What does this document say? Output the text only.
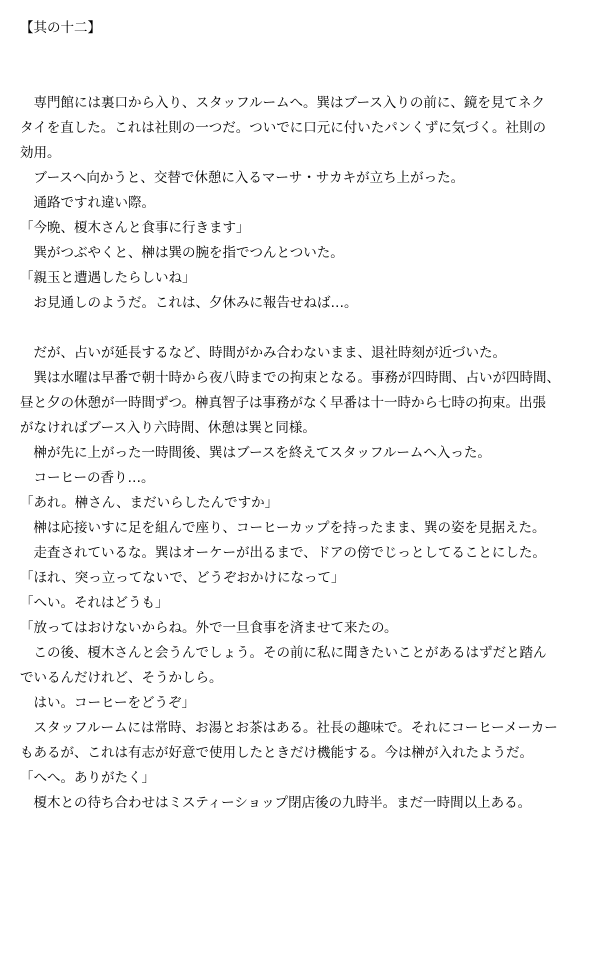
【其の十二】
　専門館には裏口から入り、スタッフルームへ。巽はブース入りの前に、鏡を見てネク
タイを直した。これは社則の一つだ。ついでに口元に付いたパンくずに気づく。社則の
効用。
　ブースへ向かうと、交替で休憩に入るマーサ・サカキが立ち上がった。
　通路ですれ違い際。
「今晩、榎木さんと食事に行きます」
　巽がつぶやくと、榊は巽の腕を指でつんとついた。
「親玉と遭遇したらしいね」
　お見通しのようだ。これは、夕休みに報告せねば…。
　だが、占いが延長するなど、時間がかみ合わないまま、退社時刻が近づいた。
　巽は水曜は早番で朝十時から夜八時までの拘束となる。事務が四時間、占いが四時間、
昼と夕の休憩が一時間ずつ。榊真智子は事務がなく早番は十一時から七時の拘束。出張
がなければブース入り六時間、休憩は巽と同様。
　榊が先に上がった一時間後、巽はブースを終えてスタッフルームへ入った。
　コーヒーの香り…。
「あれ。榊さん、まだいらしたんですか」
　榊は応接いすに足を組んで座り、コーヒーカップを持ったまま、巽の姿を見据えた。
　走査されているな。巽はオーケーが出るまで、ドアの傍でじっとしてることにした。
「ほれ、突っ立ってないで、どうぞおかけになって」
「へい。それはどうも」
「放ってはおけないからね。外で一旦食事を済ませて来たの。
　この後、榎木さんと会うんでしょう。その前に私に聞きたいことがあるはずだと踏ん
でいるんだけれど、そうかしら。
　はい。コーヒーをどうぞ」
　スタッフルームには常時、お湯とお茶はある。社長の趣味で。それにコーヒーメーカー
もあるが、これは有志が好意で使用したときだけ機能する。今は榊が入れたようだ。
「へへ。ありがたく」
　榎木との待ち合わせはミスティーショップ閉店後の九時半。まだ一時間以上ある。
